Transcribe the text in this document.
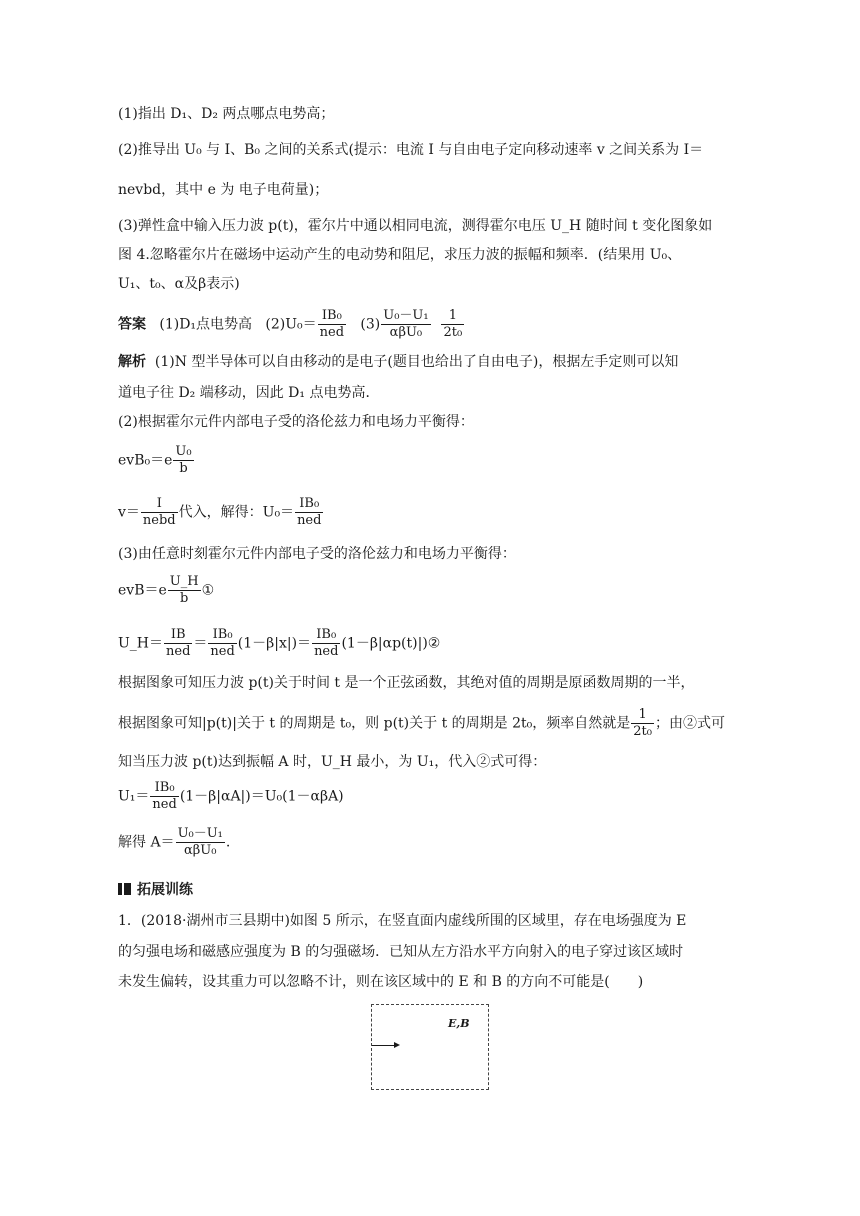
(1)指出 D₁、D₂ 两点哪点电势高；
(2)推导出 U₀ 与 I、B₀ 之间的关系式(提示：电流 I 与自由电子定向移动速率 v 之间关系为 I＝
nevbd，其中 e 为 电子电荷量)；
(3)弹性盒中输入压力波 p(t)，霍尔片中通以相同电流，测得霍尔电压 U_H 随时间 t 变化图象如
图 4.忽略霍尔片在磁场中运动产生的电动势和阻尼，求压力波的振幅和频率．(结果用 U₀、
U₁、t₀、α及β表示)
答案 (1)D₁点电势高 $(2)U_0= \frac{\text{IB₀}}{\text{ned}} (3) \frac{\text{U₀－U₁}}{\text{αβU₀}}$
$\frac{1}{\text{2t₀}}$
解析 (1)N 型半导体可以自由移动的是电子(题目也给出了自由电子)，根据左手定则可以知
道电子往 D₂ 端移动，因此 D₁ 点电势高．
(2)根据霍尔元件内部电子受的洛伦兹力和电场力平衡得：
$evB_0=e \frac{\text{U₀}}{b}$
$v= \frac{I}{\text{nebd}}$ 代入，解得：$U_0= \frac{\text{IB₀}}{\text{ned}}$
(3)由任意时刻霍尔元件内部电子受的洛伦兹力和电场力平衡得：
$evB=e \frac{U\_H}{b}$ ①
U_H＝ $\frac{IB}{\text{ned}} = \frac{\text{IB₀}}{\text{ned}} (1-\beta|x|)= \frac{\text{IB₀}}{\text{ned}}$ (1－β|αp(t)|)②
根据图象可知压力波 p(t)关于时间 t 是一个正弦函数，其绝对值的周期是原函数周期的一半，
根据图象可知|p(t)|关于 t 的周期是 t₀，则 p(t)关于 t 的周期是 2t₀，频率自然就是 $\frac{1}{\text{2t₀}}$ ；由②式可
知当压力波 p(t)达到振幅 A 时，U_H 最小，为 U₁，代入②式可得：
$U_1= \frac{\text{IB₀}}{\text{ned}} (1-\beta|\alpha A|)=U_0(1-\alpha\beta A)$
解得 $A= \frac{\text{U₀－U₁}}{\text{αβU₀}}$ .
拓展训练
1．(2018·湖州市三县期中)如图 5 所示，在竖直面内虚线所围的区域里，存在电场强度为 E
的匀强电场和磁感应强度为 B 的匀强磁场．已知从左方沿水平方向射入的电子穿过该区域时
未发生偏转，设其重力可以忽略不计，则在该区域中的 E 和 B 的方向不可能是(　　)
E,B
